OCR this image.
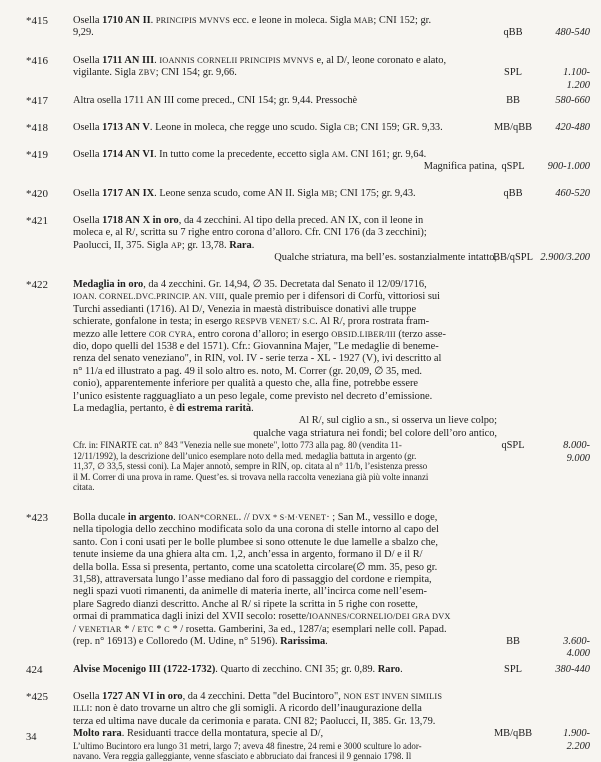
*415 Osella 1710 AN II. PRINCIPIS MVNVS ecc. e leone in moleca. Sigla MAB; CNI 152; gr.

9,29.	qBB	480-540
*416 Osella 1711 AN III. IOANNIS CORNELII PRINCIPIS MVNVS e, al D/, leone coronato e alato,

vigilante. Sigla ZBV; CNI 154; gr. 9,66.	SPL	1.100-1.200
*417 Altra osella 1711 AN III come preced., CNI 154; gr. 9,44. Pressochè	BB	580-660
*418 Osella 1713 AN V. Leone in moleca, che regge uno scudo. Sigla CB; CNI 159; GR. 9,33.	MB/qBB	420-480
*419 Osella 1714 AN VI. In tutto come la precedente, eccetto sigla AM. CNI 161; gr. 9,64.

Magnifica patina, qSPL	900-1.000
*420 Osella 1717 AN IX. Leone senza scudo, come AN II. Sigla MB; CNI 175; gr. 9,43.	qBB	460-520
*421 Osella 1718 AN X in oro, da 4 zecchini. Al tipo della preced. AN IX, con il leone in

moleca e, al R/, scritta su 7 righe entro corona d’alloro. Cfr. CNI 176 (da 3 zecchini);

Paolucci, II, 375. Sigla AP; gr. 13,78. Rara.

Qualche striatura, ma bell’es. sostanzialmente intatto,

BB/qSPL 2.900/3.200
*422 Medaglia in oro, da 4 zecchini. Gr. 14,94, ∅ 35. Decretata dal Senato il 12/09/1716,

IOAN. CORNEL.DVC.PRINCIP. AN. VIII, quale premio per i difensori di Corfù, vittoriosi sui

Turchi assedianti (1716). Al D/, Venezia in maestà distribuisce donativi alle truppe

schierate, gonfalone in testa; in esergo RESPVB VENET/ S.C. Al R/, prora rostrata fram-

mezzo alle lettere COR CYRA, entro corona d’alloro; in esergo OBSID.LIBER/III (terzo asse-

dio, dopo quelli del 1538 e del 1571). Cfr.: Giovannina Majer, "Le medaglie di beneme-

renza del senato veneziano", in RIN, vol. IV - serie terza - XL - 1927 (V), ivi descritto al

n° 11/a ed illustrato a pag. 49 il solo altro es. noto, M. Correr (gr. 20,09, ∅ 35, med.

conio), apparentemente inferiore per qualità a questo che, alla fine, potrebbe essere

l’unico esistente ragguagliato a un peso legale, come previsto nel decreto d’emissione.

La medaglia, pertanto, è di estrema rarità.

Al R/, sul ciglio a sn., si osserva un lieve colpo;

qualche vaga striatura nei fondi; bel colore dell’oro antico,

Cfr. in: FINARTE cat. n° 843 "Venezia nelle sue monete", lotto 773 alla pag. 80 (vendita 11-

12/11/1992), la descrizione dell’unico esemplare noto della med. medaglia battuta in argento (gr.

11,37, ∅ 33,5, stessi coni). La Majer annotò, sempre in RIN, op. citata al n° 11/b, l’esistenza presso

il M. Correr di una prova in rame. Quest’es. si trovava nella raccolta veneziana già più volte innanzi

citata.

qSPL	8.000-9.000
*423 Bolla ducale in argento. IOAN*CORNEL. // DVX * S·M·VENET· ; San M., vessillo e doge,

nella tipologia dello zecchino modificata solo da una corona di stelle intorno al capo del

santo. Con i coni usati per le bolle plumbee si sono ottenute le due lamelle a sbalzo che,

tenute insieme da una ghiera alta cm. 1,2, anch’essa in argento, formano il D/ e il R/

della bolla. Essa si presenta, pertanto, come una scatoletta circolare(∅ mm. 35, peso gr.

31,58), attraversata lungo l’asse mediano dal foro di passaggio del cordone e riempita,

negli spazi vuoti rimanenti, da animelle di materia inerte, all’incirca come nell’esem-

plare Sagredo dianzi descritto. Anche al R/ si ripete la scritta in 5 righe con rosette,

ormai di prammatica dagli inizi del XVII secolo: rosette/IOANNES/CORNELIO/DEI GRA DVX

/ VENETIAR * / ETC * C * / rosetta. Gamberini, 3a ed., 1287/a; esemplari nelle coll. Papad.

(rep. n° 16913) e Colloredo (M. Udine, n° 5196). Rarissima.	BB	3.600-4.000
424	Alvise Mocenigo III (1722-1732). Quarto di zecchino. CNI 35; gr. 0,89. Raro.	SPL	380-440
*425 Osella 1727 AN VI in oro, da 4 zecchini. Detta "del Bucintoro", NON EST INVEN SIMILIS

ILLI: non è dato trovarne un altro che gli somigli. A ricordo dell’inaugurazione della

terza ed ultima nave ducale da cerimonia e parata. CNI 82; Paolucci, II, 385. Gr. 13,79.

Molto rara. Residuanti tracce della montatura, specie al D/,

L’ultimo Bucintoro era lungo 31 metri, largo 7; aveva 48 finestre, 24 remi e 3000 sculture lo ador-

navano. Vera reggia galleggiante, venne sfasciato e abbruciato dai francesi il 9 gennaio 1798. Il

MB/qBB	1.900-2.200
34
